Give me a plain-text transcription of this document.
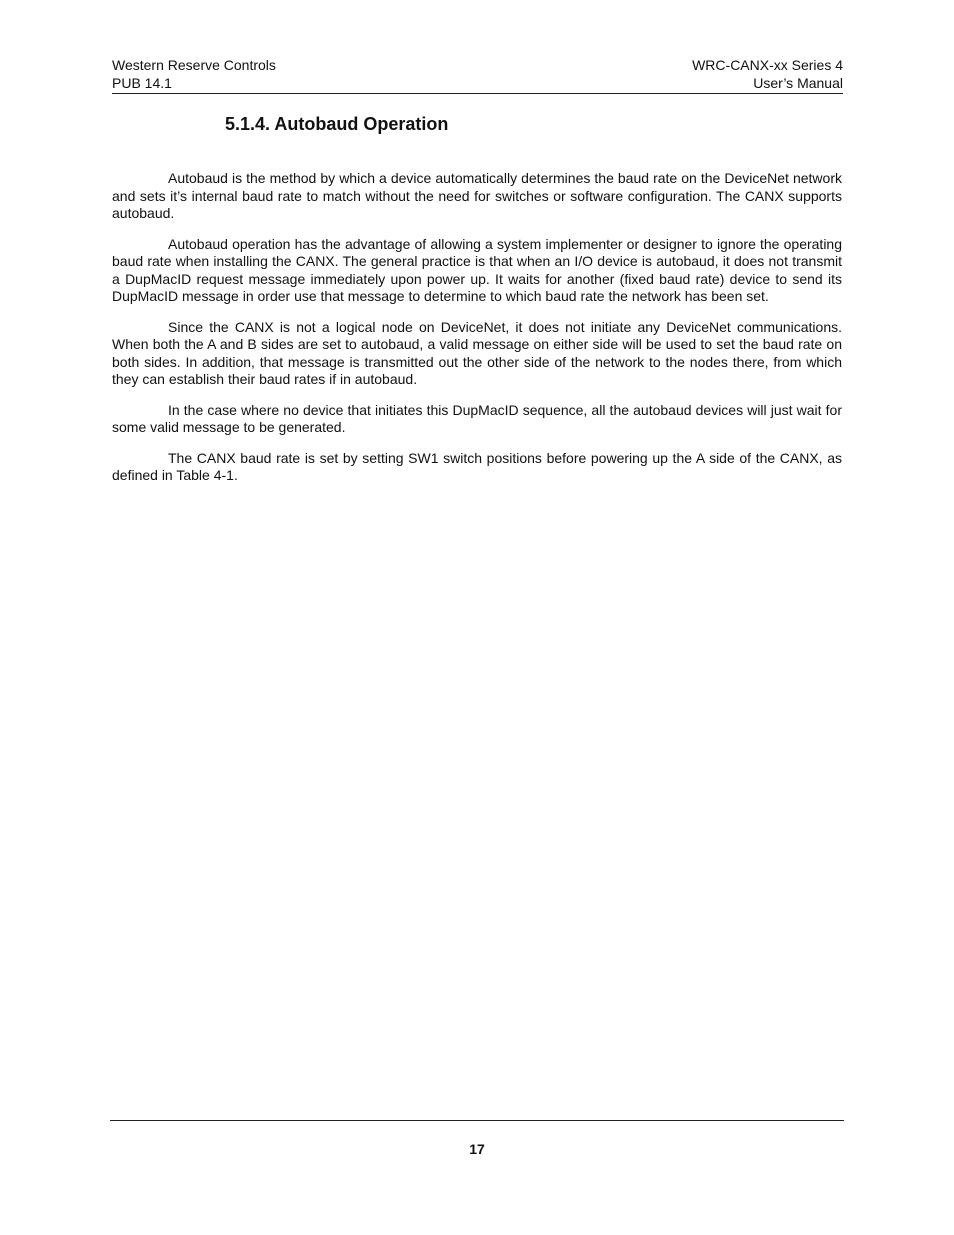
Western Reserve Controls	WRC-CANX-xx Series 4
PUB 14.1	User’s Manual
5.1.4. Autobaud Operation

Autobaud is the method by which a device automatically determines the baud rate on the DeviceNet network and sets it’s internal baud rate to match without the need for switches or software configuration. The CANX supports autobaud.

Autobaud operation has the advantage of allowing a system implementer or designer to ignore the operating baud rate when installing the CANX. The general practice is that when an I/O device is autobaud, it does not transmit a DupMacID request message immediately upon power up. It waits for another (fixed baud rate) device to send its DupMacID message in order use that message to determine to which baud rate the network has been set.

Since the CANX is not a logical node on DeviceNet, it does not initiate any DeviceNet communications. When both the A and B sides are set to autobaud, a valid message on either side will be used to set the baud rate on both sides. In addition, that message is transmitted out the other side of the network to the nodes there, from which they can establish their baud rates if in autobaud.

In the case where no device that initiates this DupMacID sequence, all the autobaud devices will just wait for some valid message to be generated.

The CANX baud rate is set by setting SW1 switch positions before powering up the A side of the CANX, as defined in Table 4-1.

17
